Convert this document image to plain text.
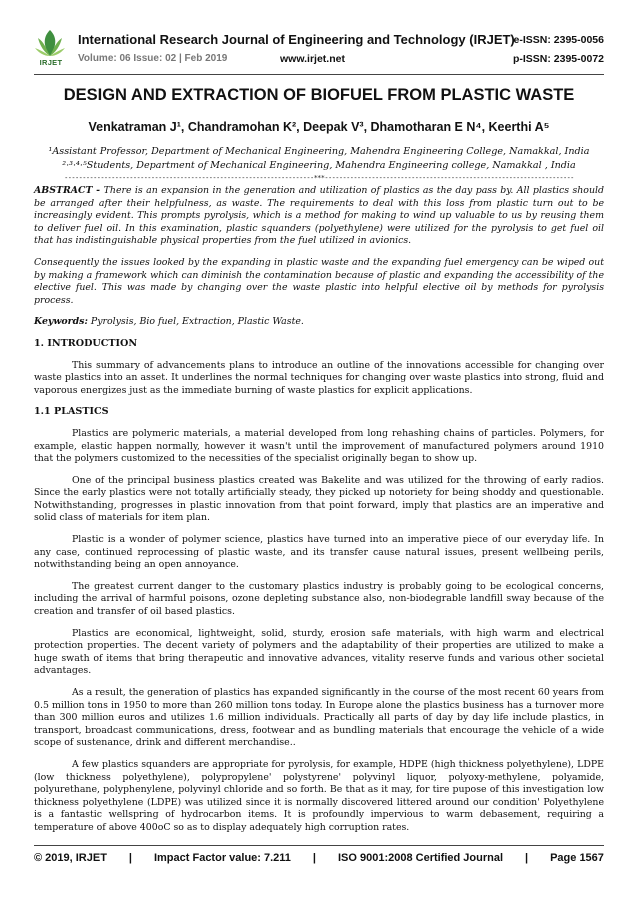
IRJET
International Research Journal of Engineering and Technology (IRJET)
Volume: 06 Issue: 02 | Feb 2019	www.irjet.net
e-ISSN: 2395-0056
p-ISSN: 2395-0072
DESIGN AND EXTRACTION OF BIOFUEL FROM PLASTIC WASTE
Venkatraman J¹, Chandramohan K², Deepak V³, Dhamotharan E N⁴, Keerthi A⁵
¹Assistant Professor, Department of Mechanical Engineering, Mahendra Engineering College, Namakkal, India
²·³·⁴·⁵Students, Department of Mechanical Engineering, Mahendra Engineering college, Namakkal , India
---------------------------------------------------------------------***---------------------------------------------------------------------

ABSTRACT - There is an expansion in the generation and utilization of plastics as the day pass by. All plastics should be arranged after their helpfulness, as waste. The requirements to deal with this loss from plastic turn out to be increasingly evident. This prompts pyrolysis, which is a method for making to wind up valuable to us by reusing them to deliver fuel oil. In this examination, plastic squanders (polyethylene) were utilized for the pyrolysis to get fuel oil that has indistinguishable physical properties from the fuel utilized in avionics.

Consequently the issues looked by the expanding in plastic waste and the expanding fuel emergency can be wiped out by making a framework which can diminish the contamination because of plastic and expanding the accessibility of the elective fuel. This was made by changing over the waste plastic into helpful elective oil by methods for pyrolysis process.

Keywords: Pyrolysis, Bio fuel, Extraction, Plastic Waste.

1. INTRODUCTION

This summary of advancements plans to introduce an outline of the innovations accessible for changing over waste plastics into an asset. It underlines the normal techniques for changing over waste plastics into strong, fluid and vaporous energizes just as the immediate burning of waste plastics for explicit applications.

1.1 PLASTICS

Plastics are polymeric materials, a material developed from long rehashing chains of particles. Polymers, for example, elastic happen normally, however it wasn't until the improvement of manufactured polymers around 1910 that the polymers customized to the necessities of the specialist originally began to show up.

One of the principal business plastics created was Bakelite and was utilized for the throwing of early radios. Since the early plastics were not totally artificially steady, they picked up notoriety for being shoddy and questionable. Notwithstanding, progresses in plastic innovation from that point forward, imply that plastics are an imperative and solid class of materials for item plan.

Plastic is a wonder of polymer science, plastics have turned into an imperative piece of our everyday life. In any case, continued reprocessing of plastic waste, and its transfer cause natural issues, present wellbeing perils, notwithstanding being an open annoyance.

The greatest current danger to the customary plastics industry is probably going to be ecological concerns, including the arrival of harmful poisons, ozone depleting substance also, non-biodegrable landfill sway because of the creation and transfer of oil based plastics.

Plastics are economical, lightweight, solid, sturdy, erosion safe materials, with high warm and electrical protection properties. The decent variety of polymers and the adaptability of their properties are utilized to make a huge swath of items that bring therapeutic and innovative advances, vitality reserve funds and various other societal advantages.

As a result, the generation of plastics has expanded significantly in the course of the most recent 60 years from 0.5 million tons in 1950 to more than 260 million tons today. In Europe alone the plastics business has a turnover more than 300 million euros and utilizes 1.6 million individuals. Practically all parts of day by day life include plastics, in transport, broadcast communications, dress, footwear and as bundling materials that encourage the vehicle of a wide scope of sustenance, drink and different merchandise..

A few plastics squanders are appropriate for pyrolysis, for example, HDPE (high thickness polyethylene), LDPE (low thickness polyethylene), polypropylene' polystyrene' polyvinyl liquor, polyoxy-methylene, polyamide, polyurethane, polyphenylene, polyvinyl chloride and so forth. Be that as it may, for tire pupose of this investigation low thickness polyethylene (LDPE) was utilized since it is normally discovered littered around our condition' Polyethylene is a fantastic wellspring of hydrocarbon items. It is profoundly impervious to warm debasement, requiring a temperature of above 400oC so as to display adequately high corruption rates.

© 2019, IRJET | Impact Factor value: 7.211 | ISO 9001:2008 Certified Journal | Page 1567
